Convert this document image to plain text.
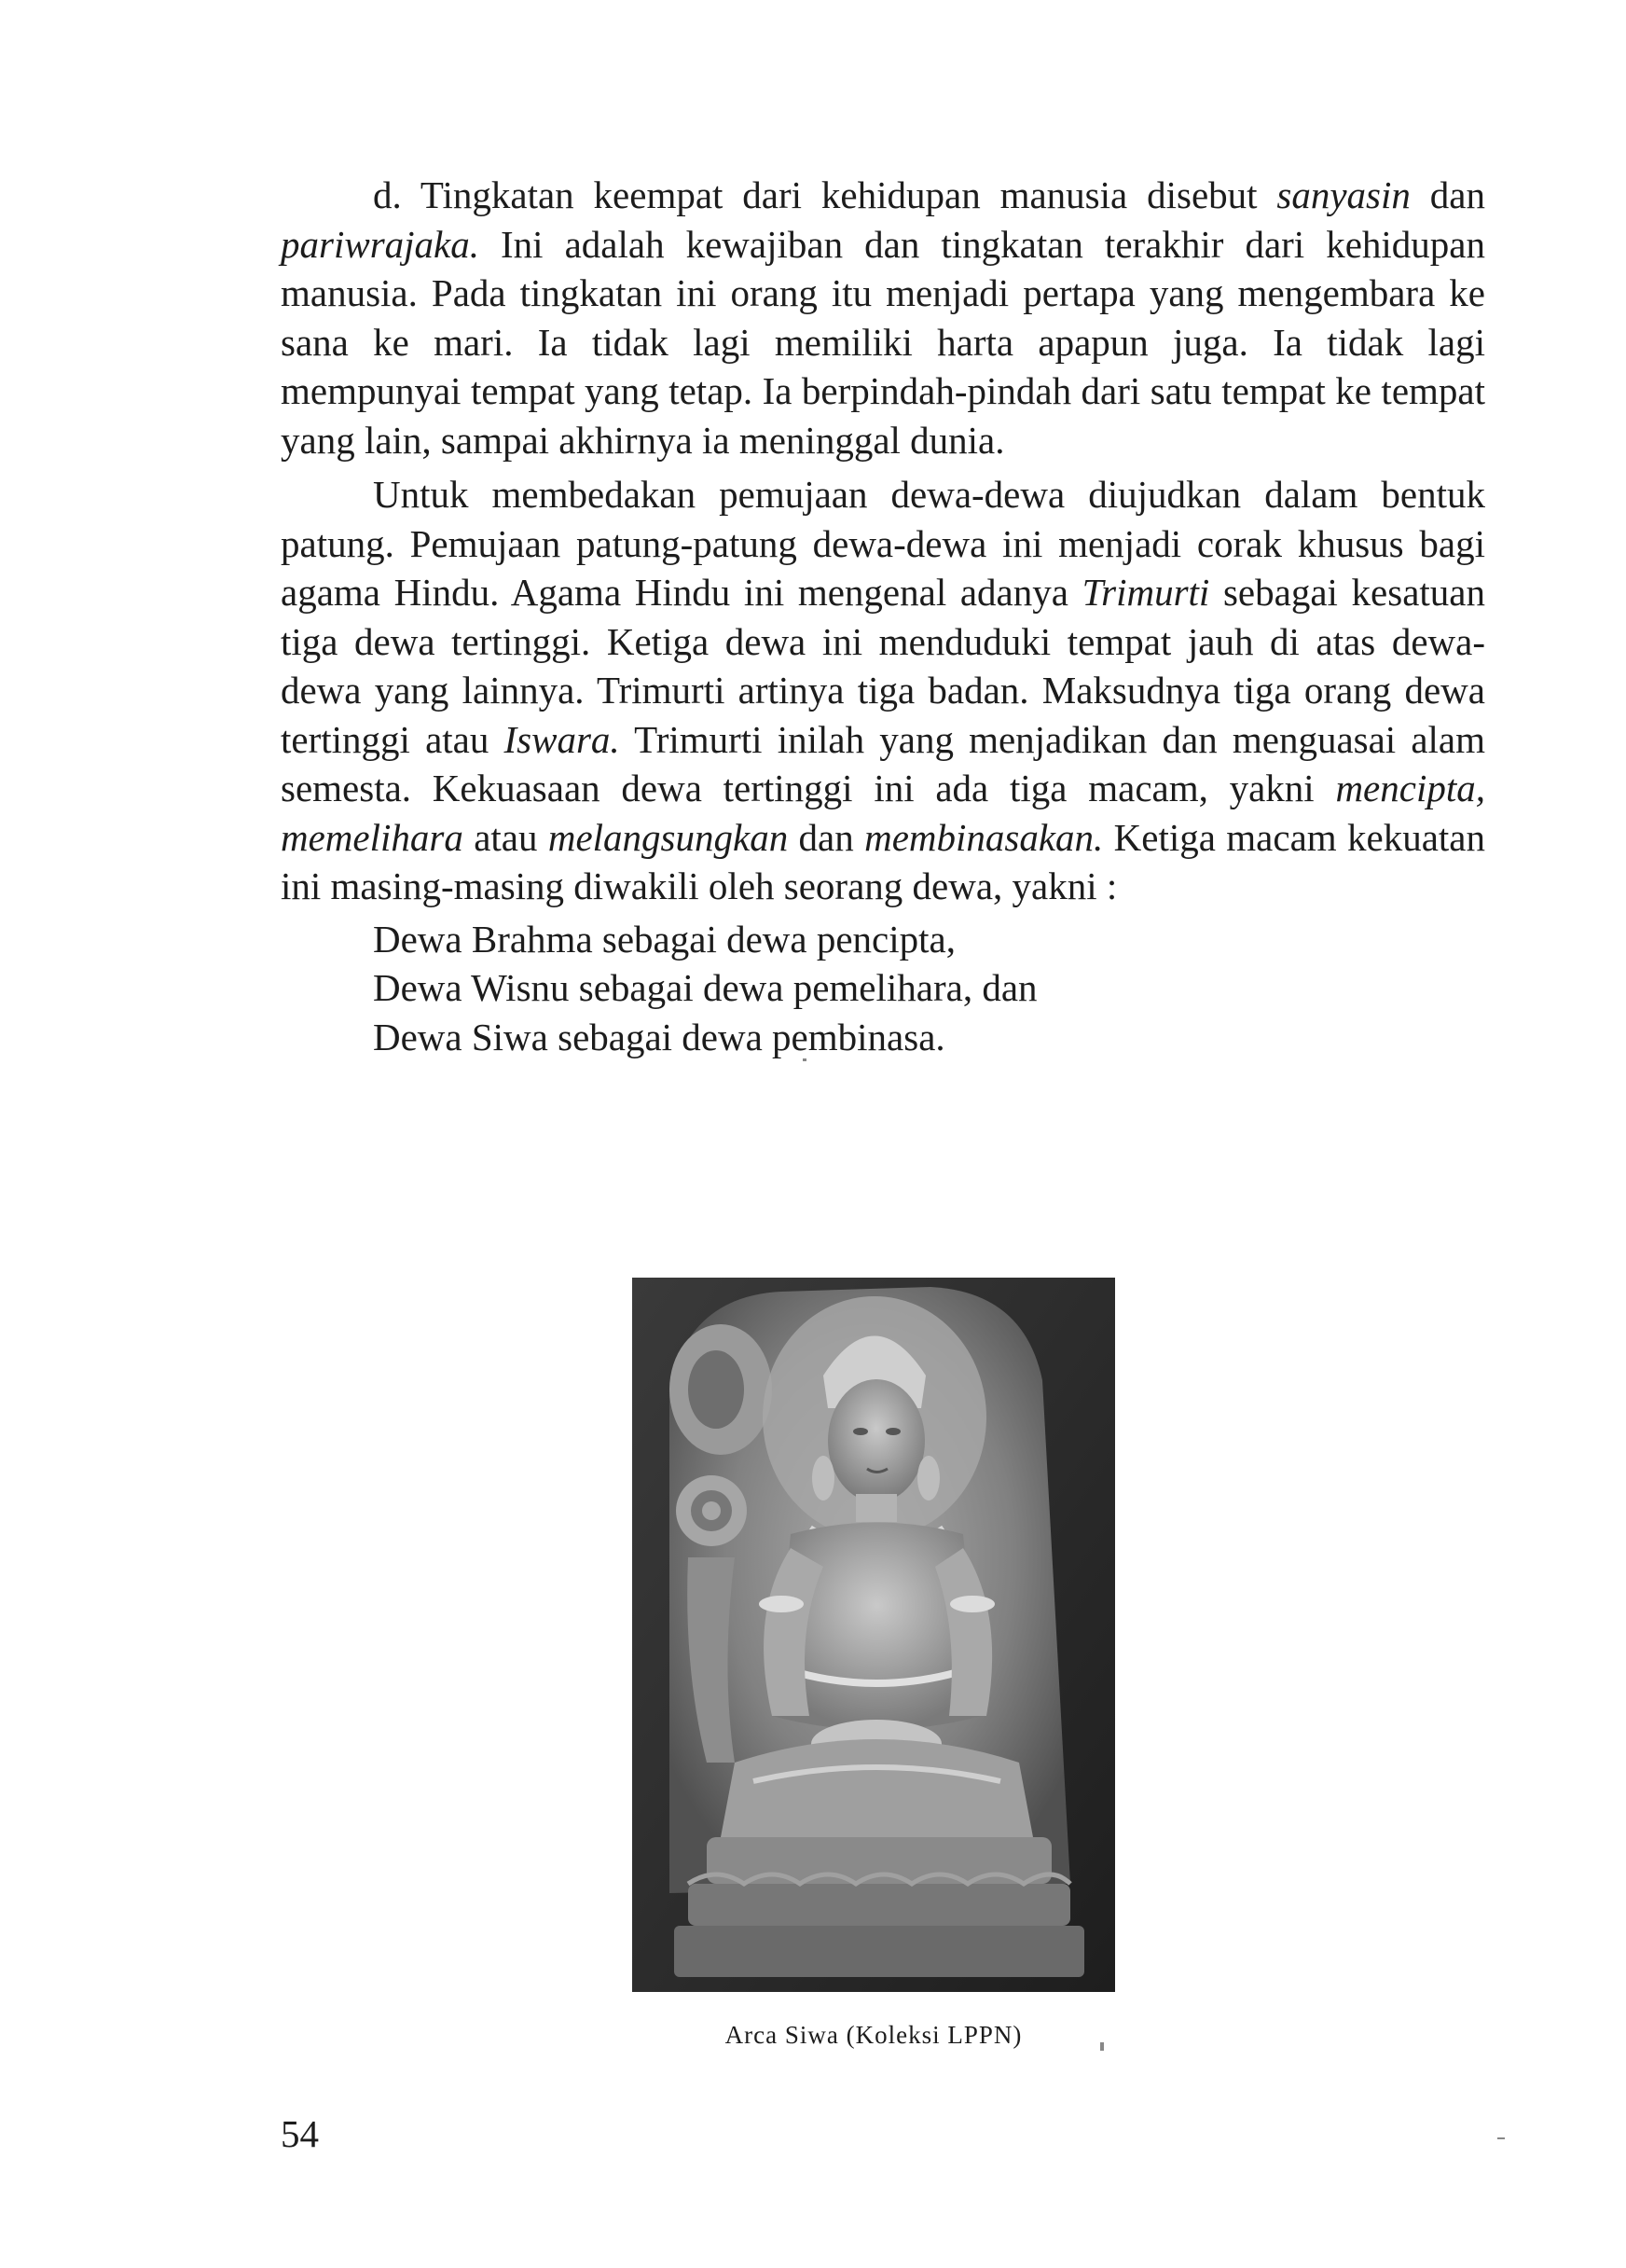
d. Tingkatan keempat dari kehidupan manusia disebut sanyasin dan pariwrajaka. Ini adalah kewajiban dan tingkatan terakhir dari kehidupan manusia. Pada tingkatan ini orang itu menjadi pertapa yang mengembara ke sana ke mari. Ia tidak lagi memiliki harta apapun juga. Ia tidak lagi mempunyai tempat yang tetap. Ia berpindah-pindah dari satu tempat ke tempat yang lain, sampai akhirnya ia meninggal dunia.

Untuk membedakan pemujaan dewa-dewa diujudkan dalam bentuk patung. Pemujaan patung-patung dewa-dewa ini menjadi corak khusus bagi agama Hindu. Agama Hindu ini mengenal adanya Trimurti sebagai kesatuan tiga dewa tertinggi. Ketiga dewa ini menduduki tempat jauh di atas dewa-dewa yang lainnya. Trimurti artinya tiga badan. Maksudnya tiga orang dewa tertinggi atau Iswara. Trimurti inilah yang menjadikan dan menguasai alam semesta. Kekuasaan dewa tertinggi ini ada tiga macam, yakni mencipta, memelihara atau melangsungkan dan membinasakan. Ketiga macam kekuatan ini masing-masing diwakili oleh seorang dewa, yakni :

Dewa Brahma sebagai dewa pencipta,
Dewa Wisnu sebagai dewa pemelihara, dan
Dewa Siwa sebagai dewa pembinasa.
Arca Siwa (Koleksi LPPN)
54
